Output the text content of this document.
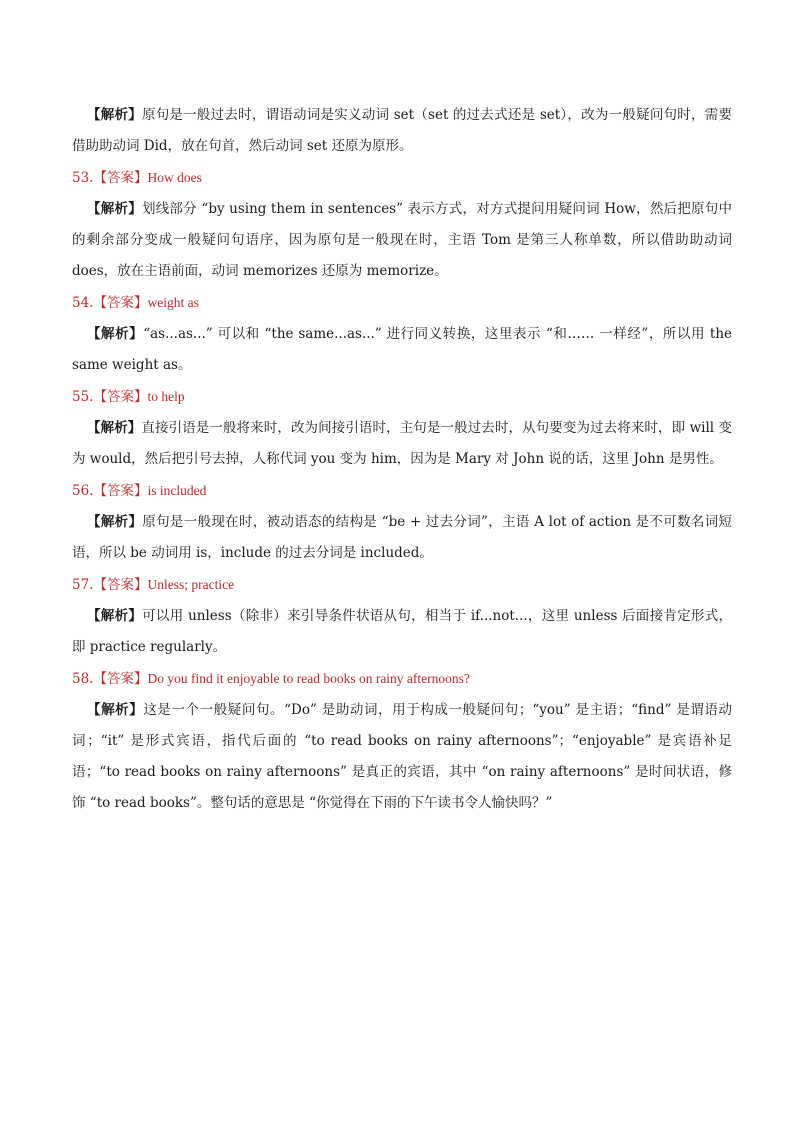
【解析】原句是一般过去时，谓语动词是实义动词 set（set 的过去式还是 set），改为一般疑问句时，需要借助助动词 Did，放在句首，然后动词 set 还原为原形。

53.【答案】How does

【解析】划线部分 “by using them in sentences” 表示方式，对方式提问用疑问词 How，然后把原句中的剩余部分变成一般疑问句语序，因为原句是一般现在时，主语 Tom 是第三人称单数，所以借助助动词 does，放在主语前面，动词 memorizes 还原为 memorize。

54.【答案】weight as

【解析】“as...as...” 可以和 “the same...as...” 进行同义转换，这里表示 “和…… 一样经”，所以用 the same weight as。

55.【答案】to help

【解析】直接引语是一般将来时，改为间接引语时，主句是一般过去时，从句要变为过去将来时，即 will 变为 would，然后把引号去掉，人称代词 you 变为 him，因为是 Mary 对 John 说的话，这里 John 是男性。

56.【答案】is included

【解析】原句是一般现在时，被动语态的结构是 “be + 过去分词”，主语 A lot of action 是不可数名词短语，所以 be 动词用 is，include 的过去分词是 included。

57.【答案】Unless; practice

【解析】可以用 unless（除非）来引导条件状语从句，相当于 if...not...，这里 unless 后面接肯定形式，即 practice regularly。

58.【答案】Do you find it enjoyable to read books on rainy afternoons?

【解析】这是一个一般疑问句。“Do” 是助动词，用于构成一般疑问句；“you” 是主语；“find” 是谓语动词；“it” 是形式宾语，指代后面的 “to read books on rainy afternoons”；“enjoyable” 是宾语补足语；“to read books on rainy afternoons” 是真正的宾语，其中 “on rainy afternoons” 是时间状语，修饰 “to read books”。整句话的意思是 “你觉得在下雨的下午读书令人愉快吗？”
